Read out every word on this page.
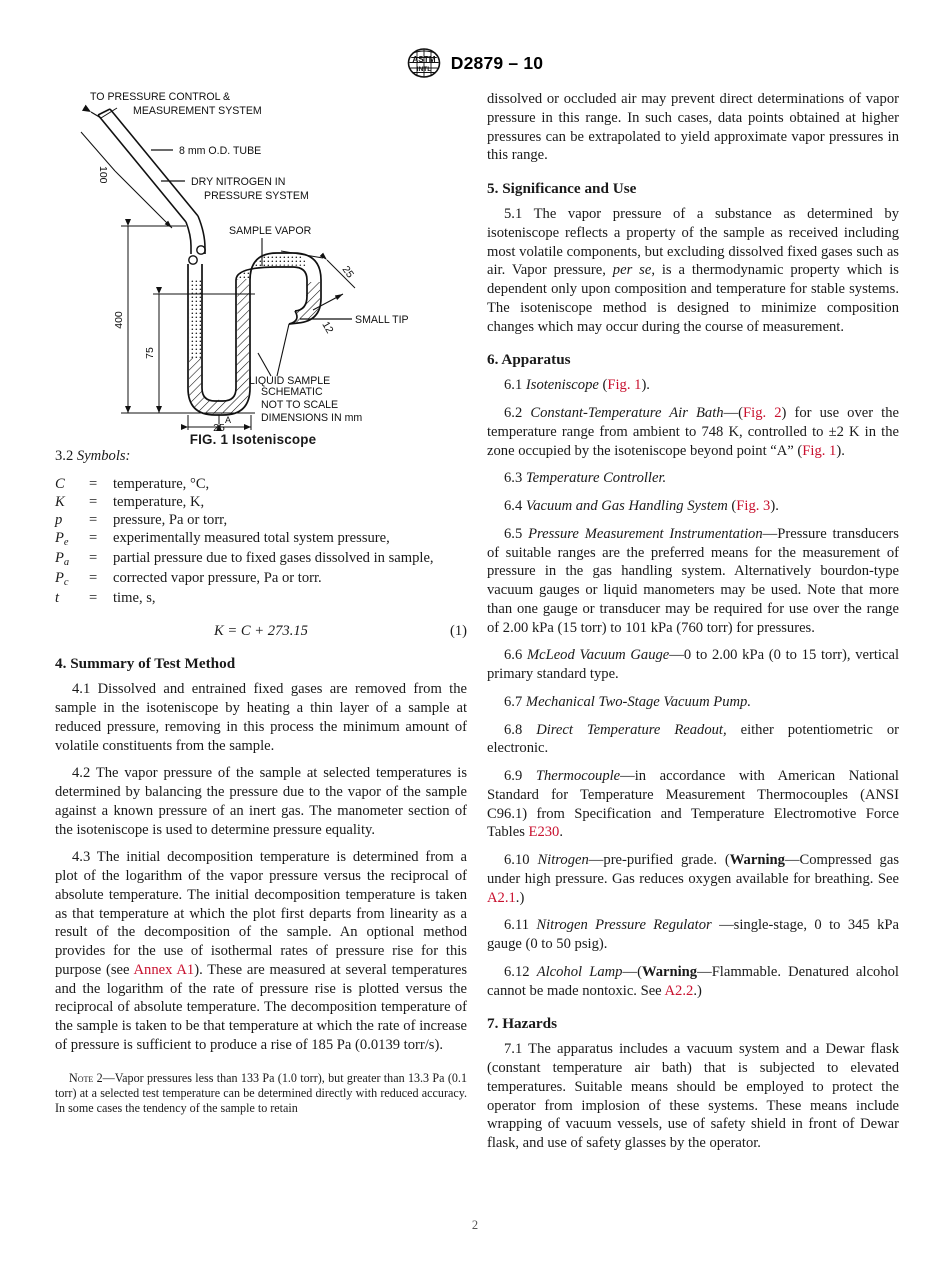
ASTM
INTL D2879 – 10
100
400
75
25
A
25
12
TO PRESSURE CONTROL &
MEASUREMENT SYSTEM
8 mm O.D. TUBE
DRY NITROGEN IN
PRESSURE SYSTEM
SAMPLE VAPOR
SMALL TIP
LIQUID SAMPLE
SCHEMATIC
NOT TO SCALE
DIMENSIONS IN mm
FIG. 1 Isoteniscope

3.2 Symbols:

C	=	temperature, °C,
K	=	temperature, K,
p	=	pressure, Pa or torr,
$P_e$	=	experimentally measured total system pressure,
$P_a$	=	partial pressure due to fixed gases dissolved in sample,
$P_c$	=	corrected vapor pressure, Pa or torr.
t	=	time, s,

K = C + 273.15	(1)

4. Summary of Test Method

4.1 Dissolved and entrained fixed gases are removed from the sample in the isoteniscope by heating a thin layer of a sample at reduced pressure, removing in this process the minimum amount of volatile constituents from the sample.

4.2 The vapor pressure of the sample at selected temperatures is determined by balancing the pressure due to the vapor of the sample against a known pressure of an inert gas. The manometer section of the isoteniscope is used to determine pressure equality.

4.3 The initial decomposition temperature is determined from a plot of the logarithm of the vapor pressure versus the reciprocal of absolute temperature. The initial decomposition temperature is taken as that temperature at which the plot first departs from linearity as a result of the decomposition of the sample. An optional method provides for the use of isothermal rates of pressure rise for this purpose (see Annex A1). These are measured at several temperatures and the logarithm of the rate of pressure rise is plotted versus the reciprocal of absolute temperature. The decomposition temperature of the sample is taken to be that temperature at which the rate of increase of pressure is sufficient to produce a rise of 185 Pa (0.0139 torr/s).

Note 2—Vapor pressures less than 133 Pa (1.0 torr), but greater than 13.3 Pa (0.1 torr) at a selected test temperature can be determined directly with reduced accuracy. In some cases the tendency of the sample to retain

dissolved or occluded air may prevent direct determinations of vapor pressure in this range. In such cases, data points obtained at higher pressures can be extrapolated to yield approximate vapor pressures in this range.

5. Significance and Use

5.1 The vapor pressure of a substance as determined by isoteniscope reflects a property of the sample as received including most volatile components, but excluding dissolved fixed gases such as air. Vapor pressure, per se, is a thermodynamic property which is dependent only upon composition and temperature for stable systems. The isoteniscope method is designed to minimize composition changes which may occur during the course of measurement.

6. Apparatus

6.1 Isoteniscope (Fig. 1).

6.2 Constant-Temperature Air Bath—(Fig. 2) for use over the temperature range from ambient to 748 K, controlled to ±2 K in the zone occupied by the isoteniscope beyond point “A” (Fig. 1).

6.3 Temperature Controller.

6.4 Vacuum and Gas Handling System (Fig. 3).

6.5 Pressure Measurement Instrumentation—Pressure transducers of suitable ranges are the preferred means for the measurement of pressure in the gas handling system. Alternatively bourdon-type vacuum gauges or liquid manometers may be used. Note that more than one gauge or transducer may be required for use over the range of 2.00 kPa (15 torr) to 101 kPa (760 torr) for pressures.

6.6 McLeod Vacuum Gauge—0 to 2.00 kPa (0 to 15 torr), vertical primary standard type.

6.7 Mechanical Two-Stage Vacuum Pump.

6.8 Direct Temperature Readout, either potentiometric or electronic.

6.9 Thermocouple—in accordance with American National Standard for Temperature Measurement Thermocouples (ANSI C96.1) from Specification and Temperature Electromotive Force Tables E230.

6.10 Nitrogen—pre-purified grade. (Warning—Compressed gas under high pressure. Gas reduces oxygen available for breathing. See A2.1.)

6.11 Nitrogen Pressure Regulator —single-stage, 0 to 345 kPa gauge (0 to 50 psig).

6.12 Alcohol Lamp—(Warning—Flammable. Denatured alcohol cannot be made nontoxic. See A2.2.)

7. Hazards

7.1 The apparatus includes a vacuum system and a Dewar flask (constant temperature air bath) that is subjected to elevated temperatures. Suitable means should be employed to protect the operator from implosion of these systems. These means include wrapping of vacuum vessels, use of safety shield in front of Dewar flask, and use of safety glasses by the operator.

2
